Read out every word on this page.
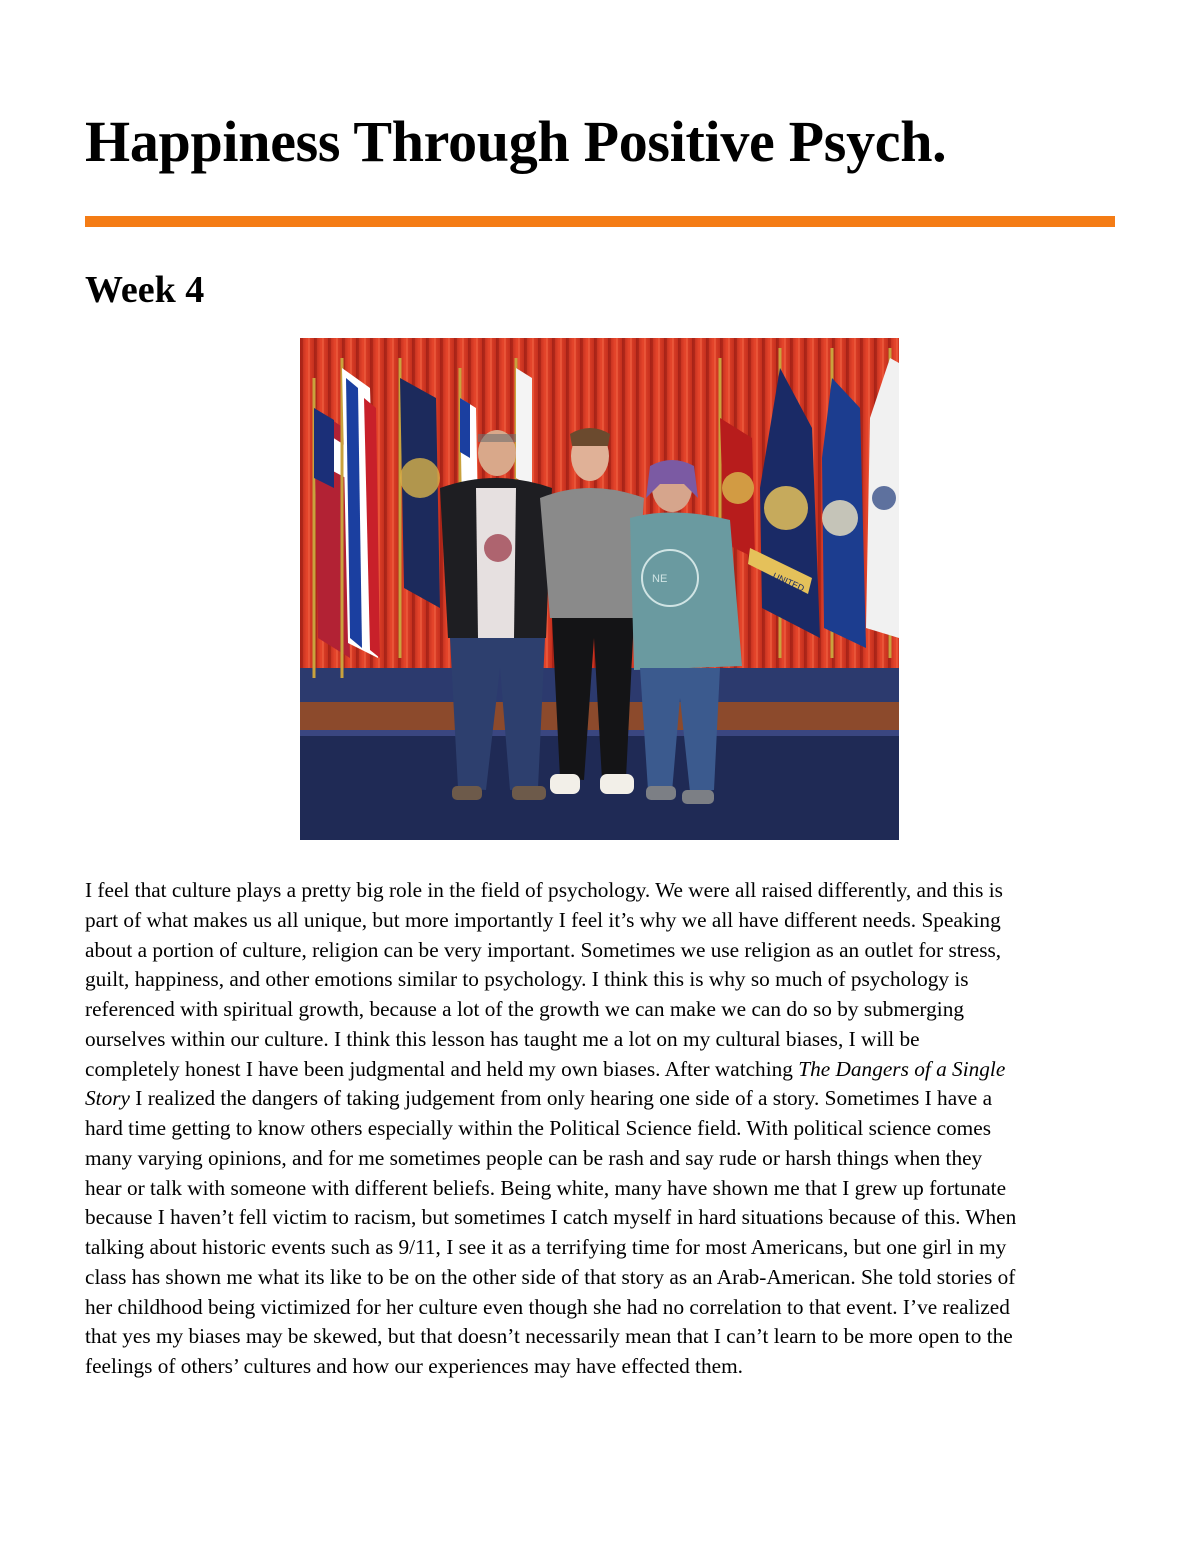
Happiness Through Positive Psych.
Week 4
UNITED
NE
I feel that culture plays a pretty big role in the field of psychology. We were all raised differently, and this is
part of what makes us all unique, but more importantly I feel it’s why we all have different needs. Speaking
about a portion of culture, religion can be very important. Sometimes we use religion as an outlet for stress,
guilt, happiness, and other emotions similar to psychology. I think this is why so much of psychology is
referenced with spiritual growth, because a lot of the growth we can make we can do so by submerging
ourselves within our culture. I think this lesson has taught me a lot on my cultural biases, I will be
completely honest I have been judgmental and held my own biases. After watching The Dangers of a Single
Story I realized the dangers of taking judgement from only hearing one side of a story. Sometimes I have a
hard time getting to know others especially within the Political Science field. With political science comes
many varying opinions, and for me sometimes people can be rash and say rude or harsh things when they
hear or talk with someone with different beliefs. Being white, many have shown me that I grew up fortunate
because I haven’t fell victim to racism, but sometimes I catch myself in hard situations because of this. When
talking about historic events such as 9/11, I see it as a terrifying time for most Americans, but one girl in my
class has shown me what its like to be on the other side of that story as an Arab-American. She told stories of
her childhood being victimized for her culture even though she had no correlation to that event. I’ve realized
that yes my biases may be skewed, but that doesn’t necessarily mean that I can’t learn to be more open to the
feelings of others’ cultures and how our experiences may have effected them.
